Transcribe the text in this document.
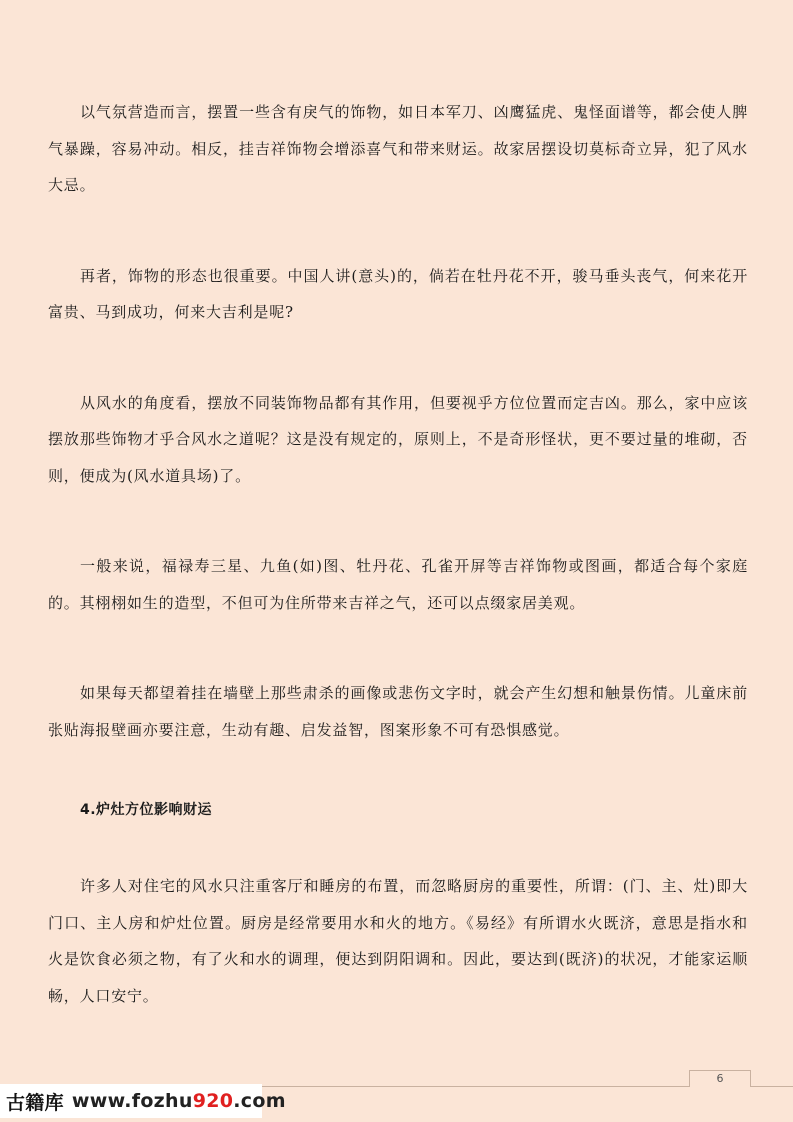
以气氛营造而言，摆置一些含有戾气的饰物，如日本军刀、凶鹰猛虎、鬼怪面谱等，都会使人脾气暴躁，容易冲动。相反，挂吉祥饰物会增添喜气和带来财运。故家居摆设切莫标奇立异，犯了风水大忌。

再者，饰物的形态也很重要。中国人讲(意头)的，倘若在牡丹花不开，骏马垂头丧气，何来花开富贵、马到成功，何来大吉利是呢?

从风水的角度看，摆放不同装饰物品都有其作用，但要视乎方位位置而定吉凶。那么，家中应该摆放那些饰物才乎合风水之道呢？这是没有规定的，原则上，不是奇形怪状，更不要过量的堆砌，否则，便成为(风水道具场)了。

一般来说，福禄寿三星、九鱼(如)图、牡丹花、孔雀开屏等吉祥饰物或图画，都适合每个家庭的。其栩栩如生的造型，不但可为住所带来吉祥之气，还可以点缀家居美观。

如果每天都望着挂在墙壁上那些肃杀的画像或悲伤文字时，就会产生幻想和触景伤情。儿童床前张贴海报壁画亦要注意，生动有趣、启发益智，图案形象不可有恐惧感觉。

4.炉灶方位影响财运

许多人对住宅的风水只注重客厅和睡房的布置，而忽略厨房的重要性，所谓：(门、主、灶)即大门口、主人房和炉灶位置。厨房是经常要用水和火的地方。《易经》有所谓水火既济，意思是指水和火是饮食必须之物，有了火和水的调理，便达到阴阳调和。因此，要达到(既济)的状况，才能家运顺畅，人口安宁。

6
古籍库 www.fozhu 920 .com
